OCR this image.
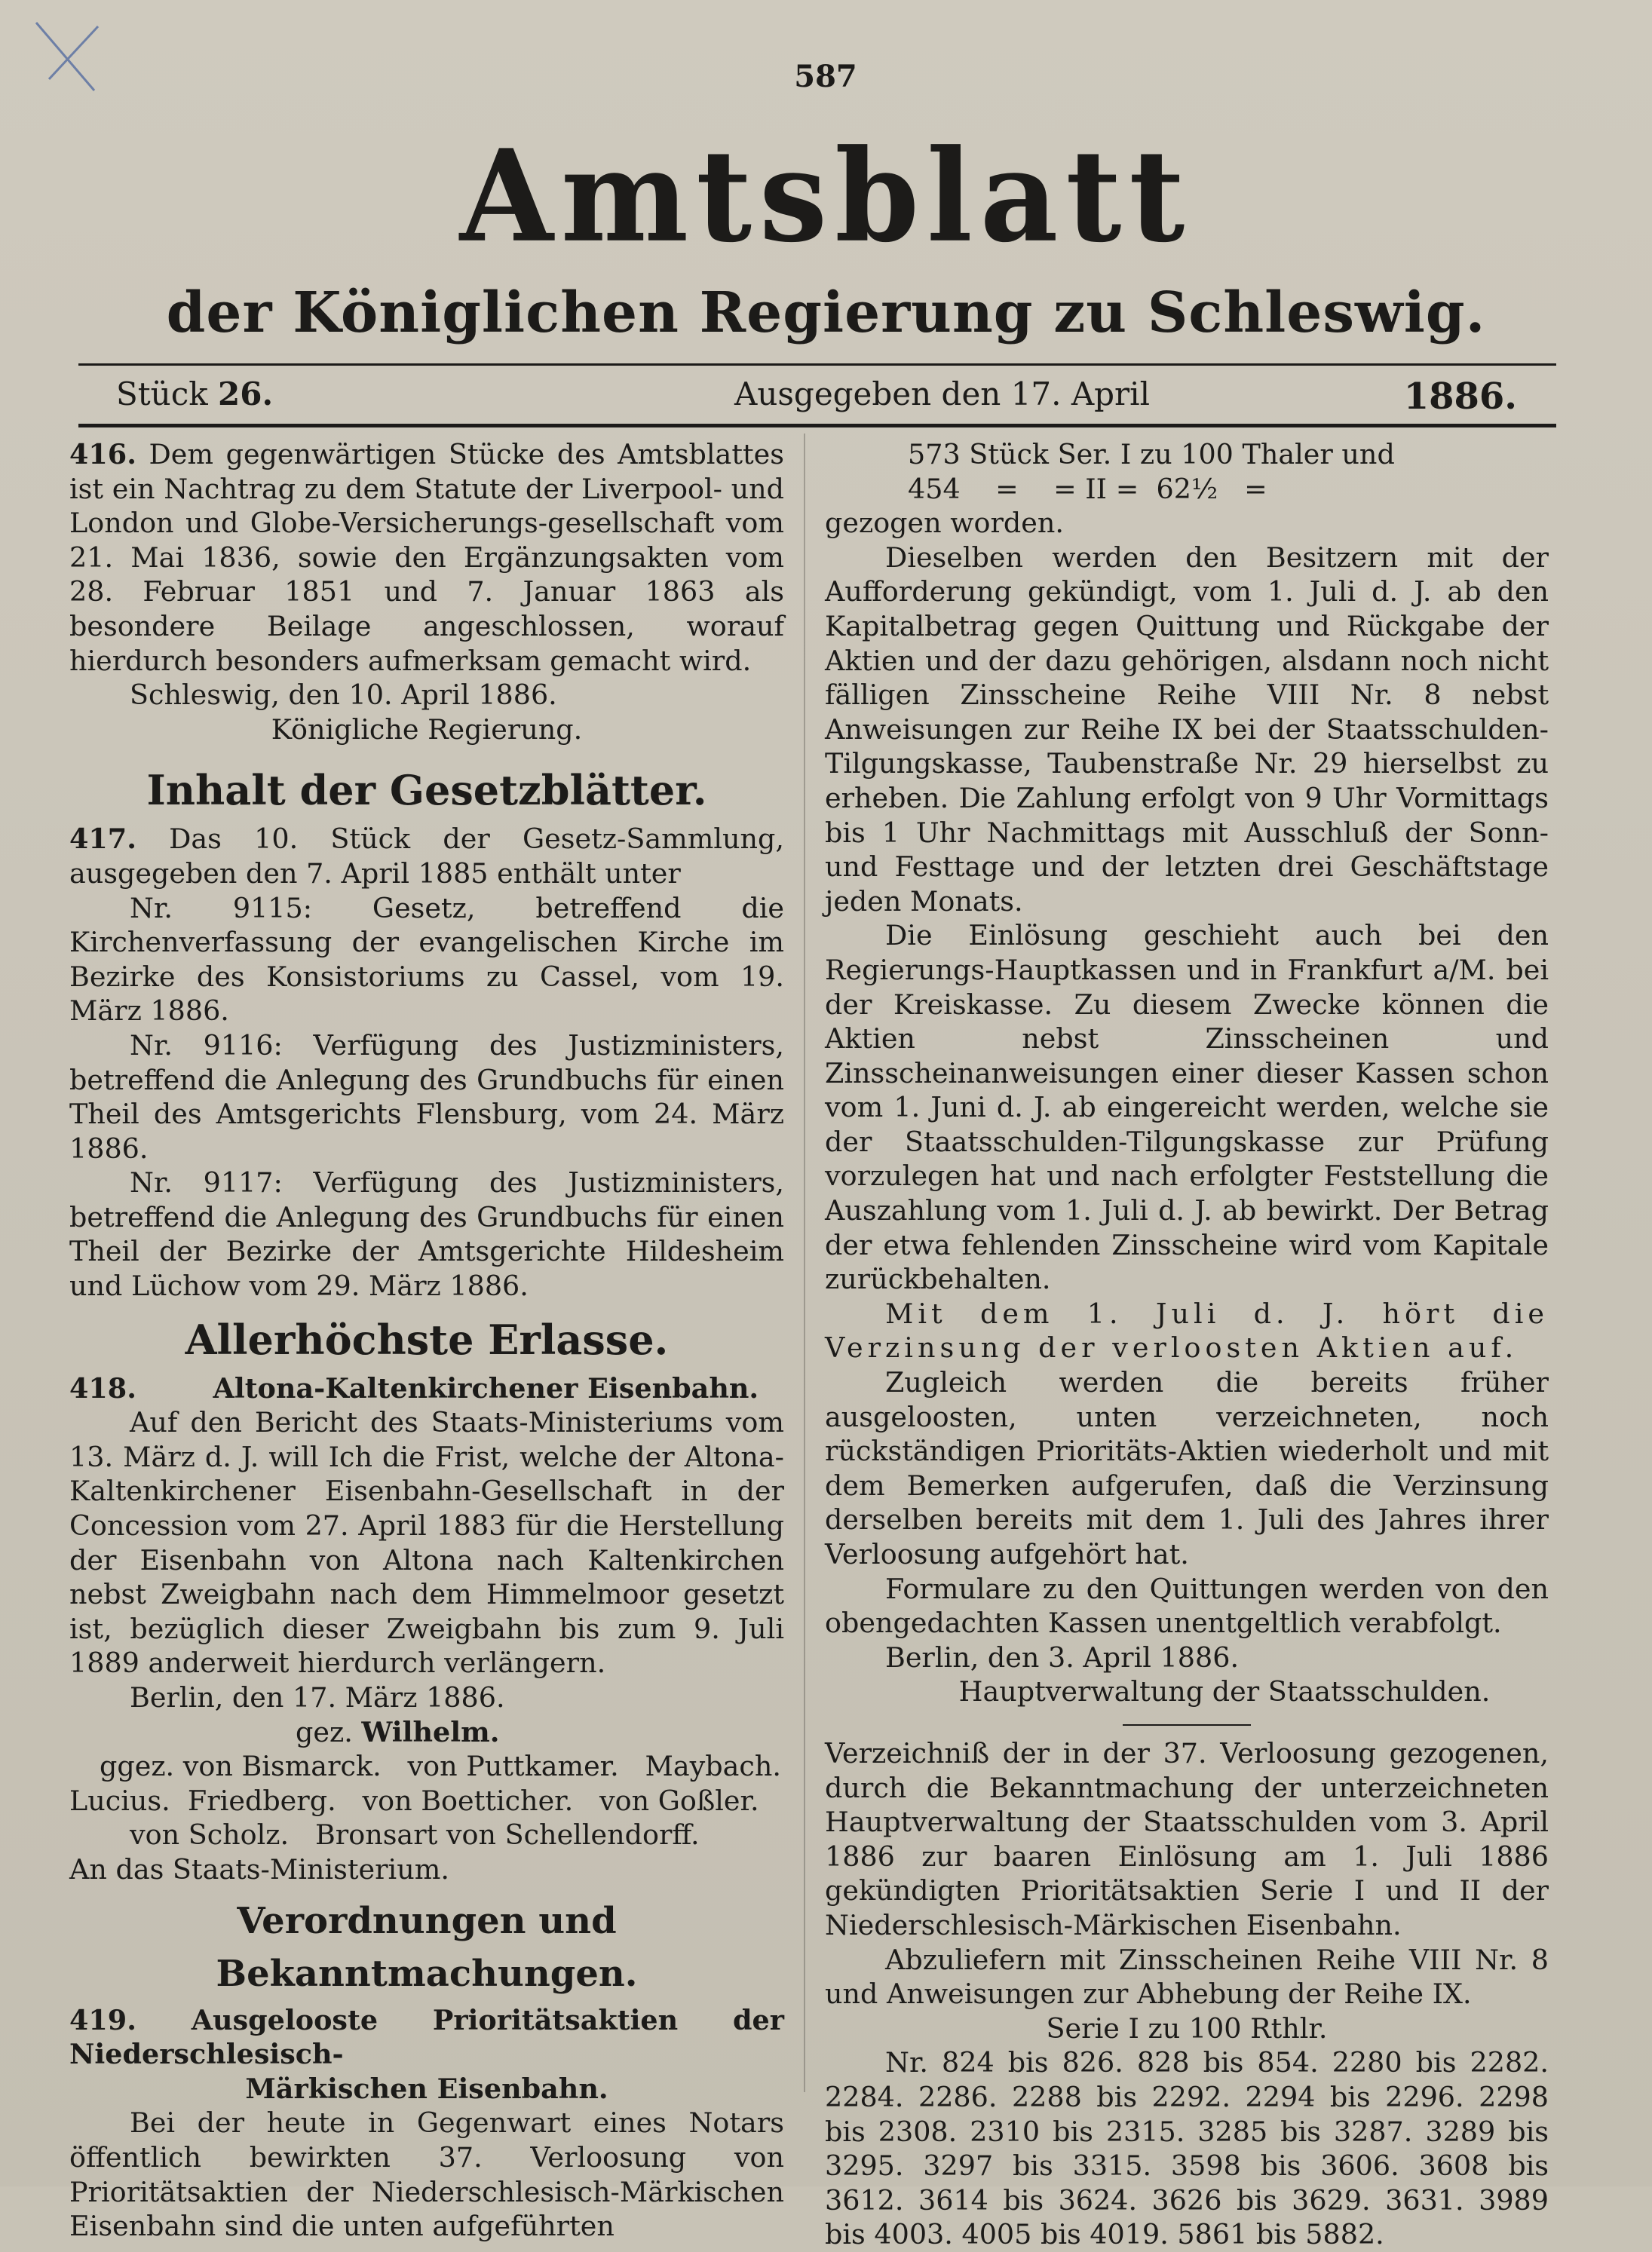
587
Amtsblatt
der Königlichen Regierung zu Schleswig.
Stück 26.	Ausgegeben den 17. April	1886.

416. Dem gegenwärtigen Stücke des Amtsblattes ist ein Nachtrag zu dem Statute der Liverpool- und London und Globe-Versicherungs-gesellschaft vom 21. Mai 1836, sowie den Ergänzungsakten vom 28. Februar 1851 und 7. Januar 1863 als besondere Beilage angeschlossen, worauf hierdurch besonders aufmerksam gemacht wird.

Schleswig, den 10. April 1886.

Königliche Regierung.

Inhalt der Gesetzblätter.

417. Das 10. Stück der Gesetz-Sammlung, ausgegeben den 7. April 1885 enthält unter

Nr. 9115: Gesetz, betreffend die Kirchenverfassung der evangelischen Kirche im Bezirke des Konsistoriums zu Cassel, vom 19. März 1886.

Nr. 9116: Verfügung des Justizministers, betreffend die Anlegung des Grundbuchs für einen Theil des Amtsgerichts Flensburg, vom 24. März 1886.

Nr. 9117: Verfügung des Justizministers, betreffend die Anlegung des Grundbuchs für einen Theil der Bezirke der Amtsgerichte Hildesheim und Lüchow vom 29. März 1886.

Allerhöchste Erlasse.

418.	Altona-Kaltenkirchener Eisenbahn.

Auf den Bericht des Staats-Ministeriums vom 13. März d. J. will Ich die Frist, welche der Altona-Kaltenkirchener Eisenbahn-Gesellschaft in der Concession vom 27. April 1883 für die Herstellung der Eisenbahn von Altona nach Kaltenkirchen nebst Zweigbahn nach dem Himmelmoor gesetzt ist, bezüglich dieser Zweigbahn bis zum 9. Juli 1889 anderweit hierdurch verlängern.

Berlin, den 17. März 1886.

gez. Wilhelm.

ggez. von Bismarck.   von Puttkamer.   Maybach.

Lucius.  Friedberg.   von Boetticher.   von Goßler.

von Scholz.   Bronsart von Schellendorff.

An das Staats-Ministerium.

Verordnungen und Bekanntmachungen.

419. Ausgelooste Prioritätsaktien der Niederschlesisch-

Märkischen Eisenbahn.

Bei der heute in Gegenwart eines Notars öffentlich bewirkten 37. Verloosung von Prioritätsaktien der Niederschlesisch-Märkischen Eisenbahn sind die unten aufgeführten

573 Stück Ser. I zu 100 Thaler und

454    =    = II =  62½   =

gezogen worden.

Dieselben werden den Besitzern mit der Aufforderung gekündigt, vom 1. Juli d. J. ab den Kapitalbetrag gegen Quittung und Rückgabe der Aktien und der dazu gehörigen, alsdann noch nicht fälligen Zinsscheine Reihe VIII Nr. 8 nebst Anweisungen zur Reihe IX bei der Staatsschulden-Tilgungskasse, Taubenstraße Nr. 29 hierselbst zu erheben. Die Zahlung erfolgt von 9 Uhr Vormittags bis 1 Uhr Nachmittags mit Ausschluß der Sonn- und Festtage und der letzten drei Geschäftstage jeden Monats.

Die Einlösung geschieht auch bei den Regierungs-Hauptkassen und in Frankfurt a/M. bei der Kreiskasse. Zu diesem Zwecke können die Aktien nebst Zinsscheinen und Zinsscheinanweisungen einer dieser Kassen schon vom 1. Juni d. J. ab eingereicht werden, welche sie der Staatsschulden-Tilgungskasse zur Prüfung vorzulegen hat und nach erfolgter Feststellung die Auszahlung vom 1. Juli d. J. ab bewirkt. Der Betrag der etwa fehlenden Zinsscheine wird vom Kapitale zurückbehalten.

Mit dem 1. Juli d. J. hört die Verzinsung der verloosten Aktien auf.

Zugleich werden die bereits früher ausgeloosten, unten verzeichneten, noch rückständigen Prioritäts-Aktien wiederholt und mit dem Bemerken aufgerufen, daß die Verzinsung derselben bereits mit dem 1. Juli des Jahres ihrer Verloosung aufgehört hat.

Formulare zu den Quittungen werden von den obengedachten Kassen unentgeltlich verabfolgt.

Berlin, den 3. April 1886.

Hauptverwaltung der Staatsschulden.

Verzeichniß der in der 37. Verloosung gezogenen, durch die Bekanntmachung der unterzeichneten Hauptverwaltung der Staatsschulden vom 3. April 1886 zur baaren Einlösung am 1. Juli 1886 gekündigten Prioritätsaktien Serie I und II der Niederschlesisch-Märkischen Eisenbahn.

Abzuliefern mit Zinsscheinen Reihe VIII Nr. 8 und Anweisungen zur Abhebung der Reihe IX.

Serie I zu 100 Rthlr.

Nr. 824 bis 826. 828 bis 854. 2280 bis 2282. 2284. 2286. 2288 bis 2292. 2294 bis 2296. 2298 bis 2308. 2310 bis 2315. 3285 bis 3287. 3289 bis 3295. 3297 bis 3315. 3598 bis 3606. 3608 bis 3612. 3614 bis 3624. 3626 bis 3629. 3631. 3989 bis 4003. 4005 bis 4019. 5861 bis 5882.
